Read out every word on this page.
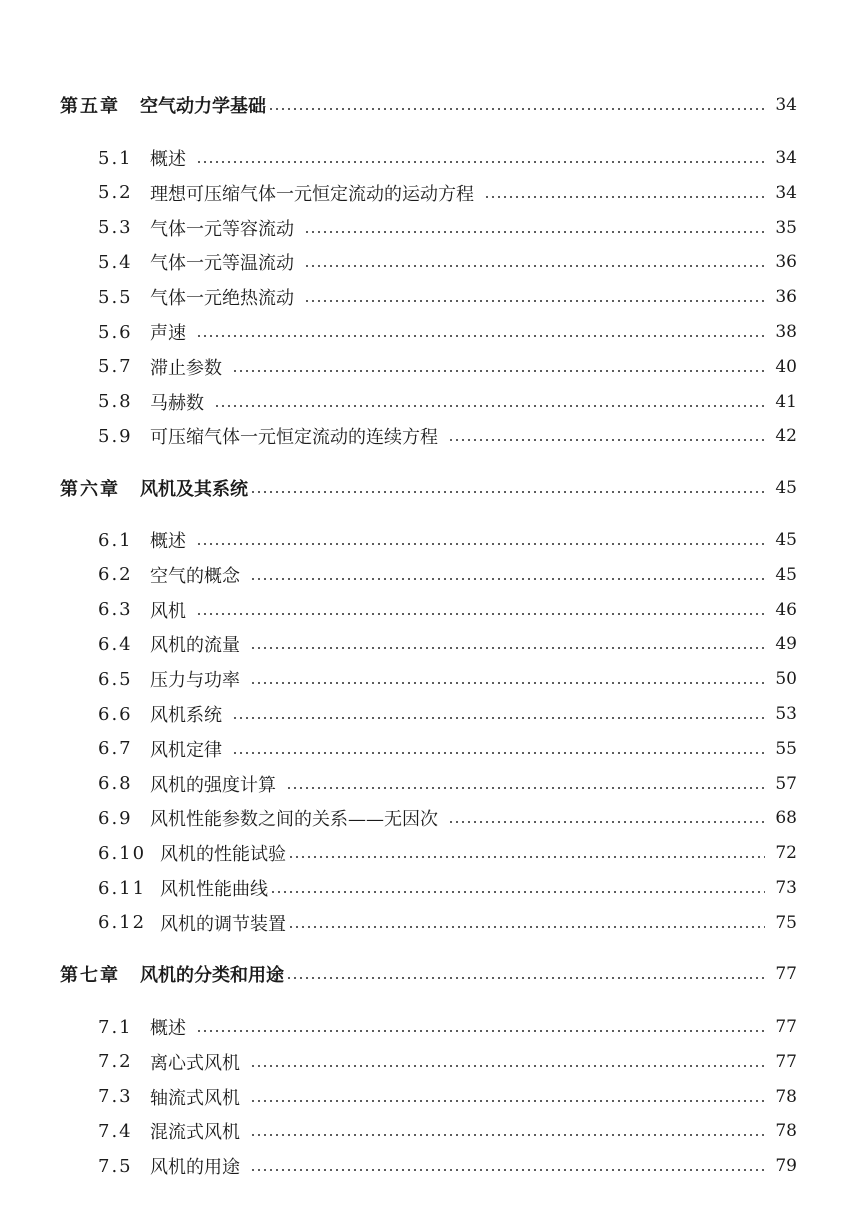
第五章	空气动力学基础	34
5.1 概述	34
5.2 理想可压缩气体一元恒定流动的运动方程	34
5.3 气体一元等容流动	35
5.4 气体一元等温流动	36
5.5 气体一元绝热流动	36
5.6 声速	38
5.7 滞止参数	40
5.8 马赫数	41
5.9 可压缩气体一元恒定流动的连续方程	42
第六章	风机及其系统	45
6.1 概述	45
6.2 空气的概念	45
6.3 风机	46
6.4 风机的流量	49
6.5 压力与功率	50
6.6 风机系统	53
6.7 风机定律	55
6.8 风机的强度计算	57
6.9 风机性能参数之间的关系——无因次	68
6.10 风机的性能试验	72
6.11 风机性能曲线	73
6.12 风机的调节装置	75
第七章	风机的分类和用途	77
7.1 概述	77
7.2 离心式风机	77
7.3 轴流式风机	78
7.4 混流式风机	78
7.5 风机的用途	79
